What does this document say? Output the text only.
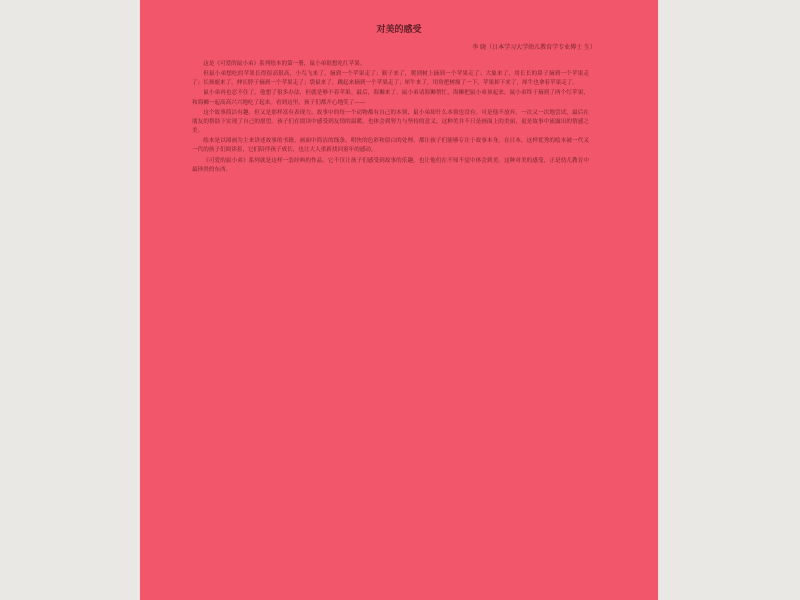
对美的感受
李 晓（日本学习大学幼儿教育学专业博士 生）

这是《可爱的鼠小弟》系列绘本的第一册，鼠小弟很想吃红苹果。

但鼠小弟想吃的苹果长得很高很高，小鸟飞来了，摘到一个苹果走了；猴子来了，爬到树上摘到一个苹果走了；大象来了，用长长的鼻子摘到一个苹果走了；长颈鹿来了，伸长脖子摘到一个苹果走了；袋鼠来了，跳起来摘到一个苹果走了；犀牛来了，用角把树撞了一下，苹果掉下来了，犀牛也拿着苹果走了。

鼠小弟再也忍不住了，他想了很多办法，但就是够不着苹果。最后，海狮来了，鼠小弟请海狮帮忙，海狮把鼠小弟顶起来，鼠小弟终于摘到了两个红苹果，和海狮一起高高兴兴地吃了起来。看到这里，孩子们都开心地笑了——

这个故事简洁有趣，但又是那样富有表现力。故事中的每一个动物都有自己的本领，鼠小弟却什么本领也没有。可是他不放弃，一次又一次地尝试，最后在朋友的帮助下实现了自己的愿望。孩子们在阅读中感受到友情的温暖，也体会到努力与坚持的意义。这种美并不只是画面上的美丽，更是故事中流露出的情感之美。

绘本是以图画为主来讲述故事的书籍。画面中简洁的线条、明快的色彩和留白的处理，都让孩子们能够专注于故事本身。在日本，这样优秀的绘本被一代又一代的孩子们阅读着，它们陪伴孩子成长，也让大人重新找回童年的感动。

《可爱的鼠小弟》系列就是这样一套经典的作品。它不仅让孩子们感受到故事的乐趣，也让他们在不知不觉中体会到美。这种对美的感受，正是幼儿教育中最珍贵的东西。
